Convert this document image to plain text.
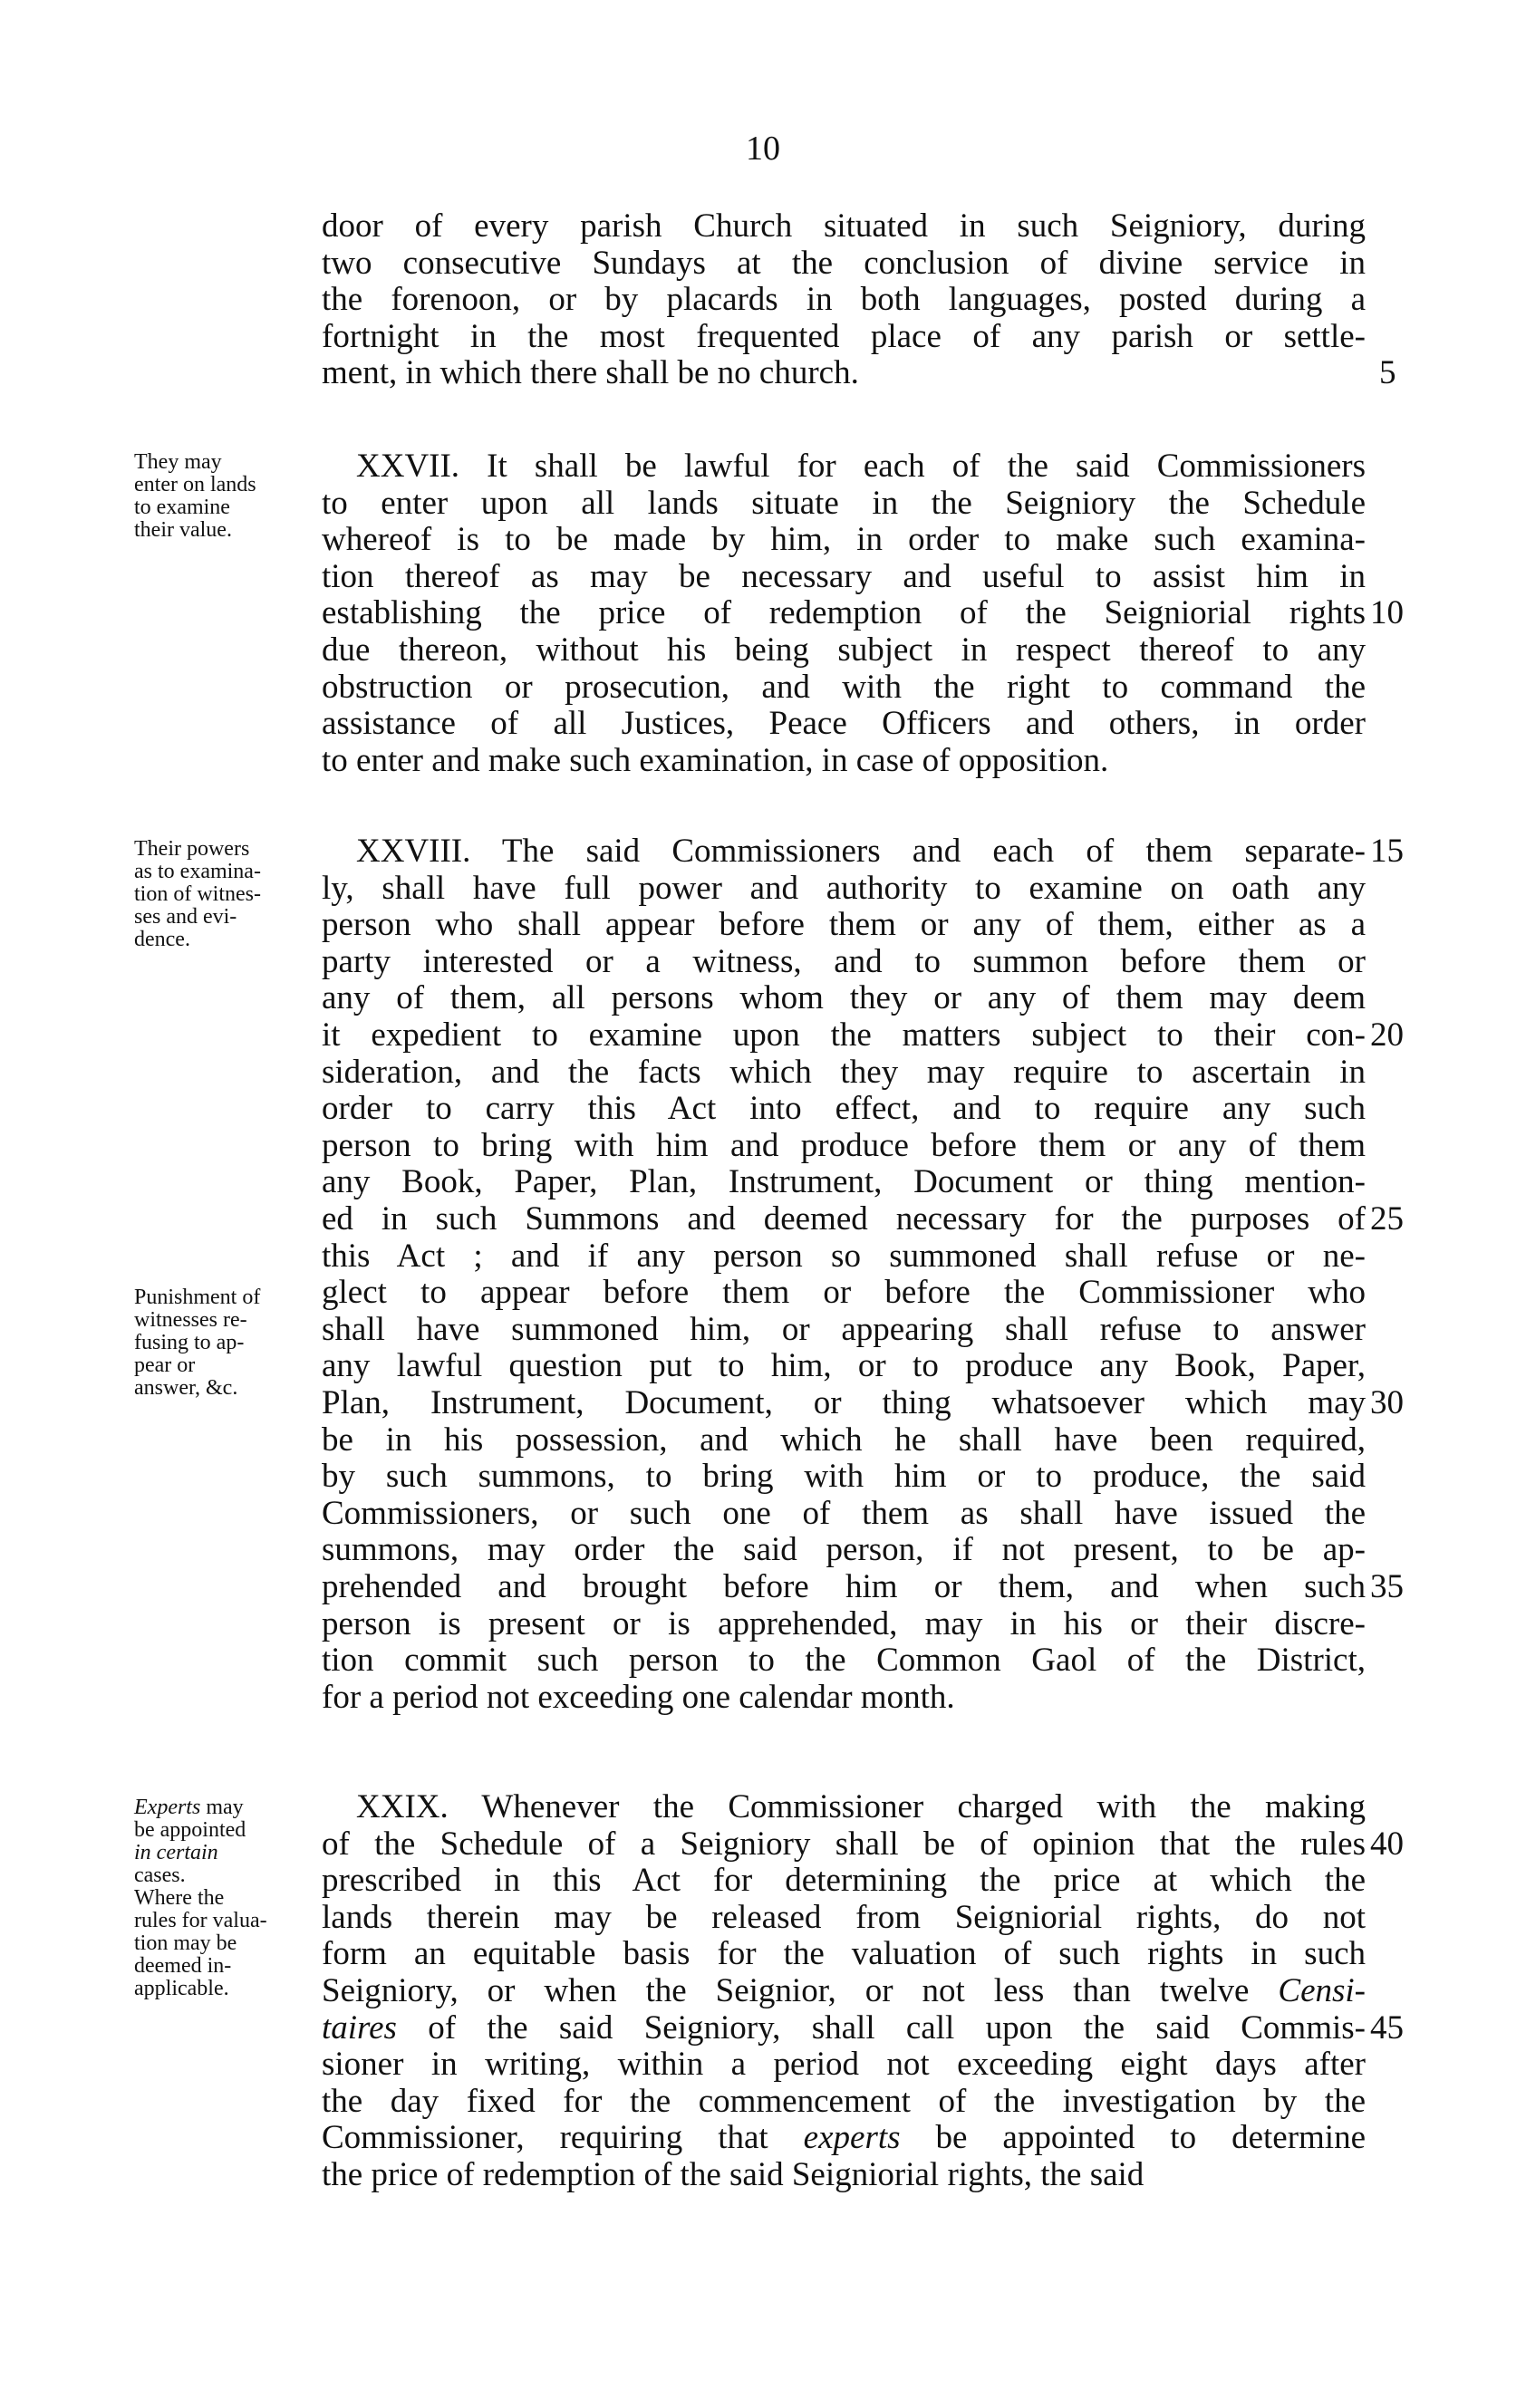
10
door of every parish Church situated in such Seigniory, during
two consecutive Sundays at the conclusion of divine service in
the forenoon, or by placards in both languages, posted during a
fortnight in the most frequented place of any parish or settle-
ment, in which there shall be no church.
XXVII. It shall be lawful for each of the said Commissioners
to enter upon all lands situate in the Seigniory the Schedule
whereof is to be made by him, in order to make such examina-
tion thereof as may be necessary and useful to assist him in
establishing the price of redemption of the Seigniorial rights
due thereon, without his being subject in respect thereof to any
obstruction or prosecution, and with the right to command the
assistance of all Justices, Peace Officers and others, in order
to enter and make such examination, in case of opposition.
XXVIII. The said Commissioners and each of them separate-
ly, shall have full power and authority to examine on oath any
person who shall appear before them or any of them, either as a
party interested or a witness, and to summon before them or
any of them, all persons whom they or any of them may deem
it expedient to examine upon the matters subject to their con-
sideration, and the facts which they may require to ascertain in
order to carry this Act into effect, and to require any such
person to bring with him and produce before them or any of them
any Book, Paper, Plan, Instrument, Document or thing mention-
ed in such Summons and deemed necessary for the purposes of
this Act ; and if any person so summoned shall refuse or ne-
glect to appear before them or before the Commissioner who
shall have summoned him, or appearing shall refuse to answer
any lawful question put to him, or to produce any Book, Paper,
Plan, Instrument, Document, or thing whatsoever which may
be in his possession, and which he shall have been required,
by such summons, to bring with him or to produce, the said
Commissioners, or such one of them as shall have issued the
summons, may order the said person, if not present, to be ap-
prehended and brought before him or them, and when such
person is present or is apprehended, may in his or their discre-
tion commit such person to the Common Gaol of the District,
for a period not exceeding one calendar month.
XXIX. Whenever the Commissioner charged with the making
of the Schedule of a Seigniory shall be of opinion that the rules
prescribed in this Act for determining the price at which the
lands therein may be released from Seigniorial rights, do not
form an equitable basis for the valuation of such rights in such
Seigniory, or when the Seignior, or not less than twelve Censi-
taires of the said Seigniory, shall call upon the said Commis-
sioner in writing, within a period not exceeding eight days after
the day fixed for the commencement of the investigation by the
Commissioner, requiring that experts be appointed to determine
the price of redemption of the said Seigniorial rights, the said
They may
enter on lands
to examine
their value.
Their powers
as to examina-
tion of witnes-
ses and evi-
dence.
Punishment of
witnesses re-
fusing to ap-
pear or
answer, &c.
Experts may
be appointed
in certain
cases.
Where the
rules for valua-
tion may be
deemed in-
applicable.
5
10
15
20
25
30
35
40
45
